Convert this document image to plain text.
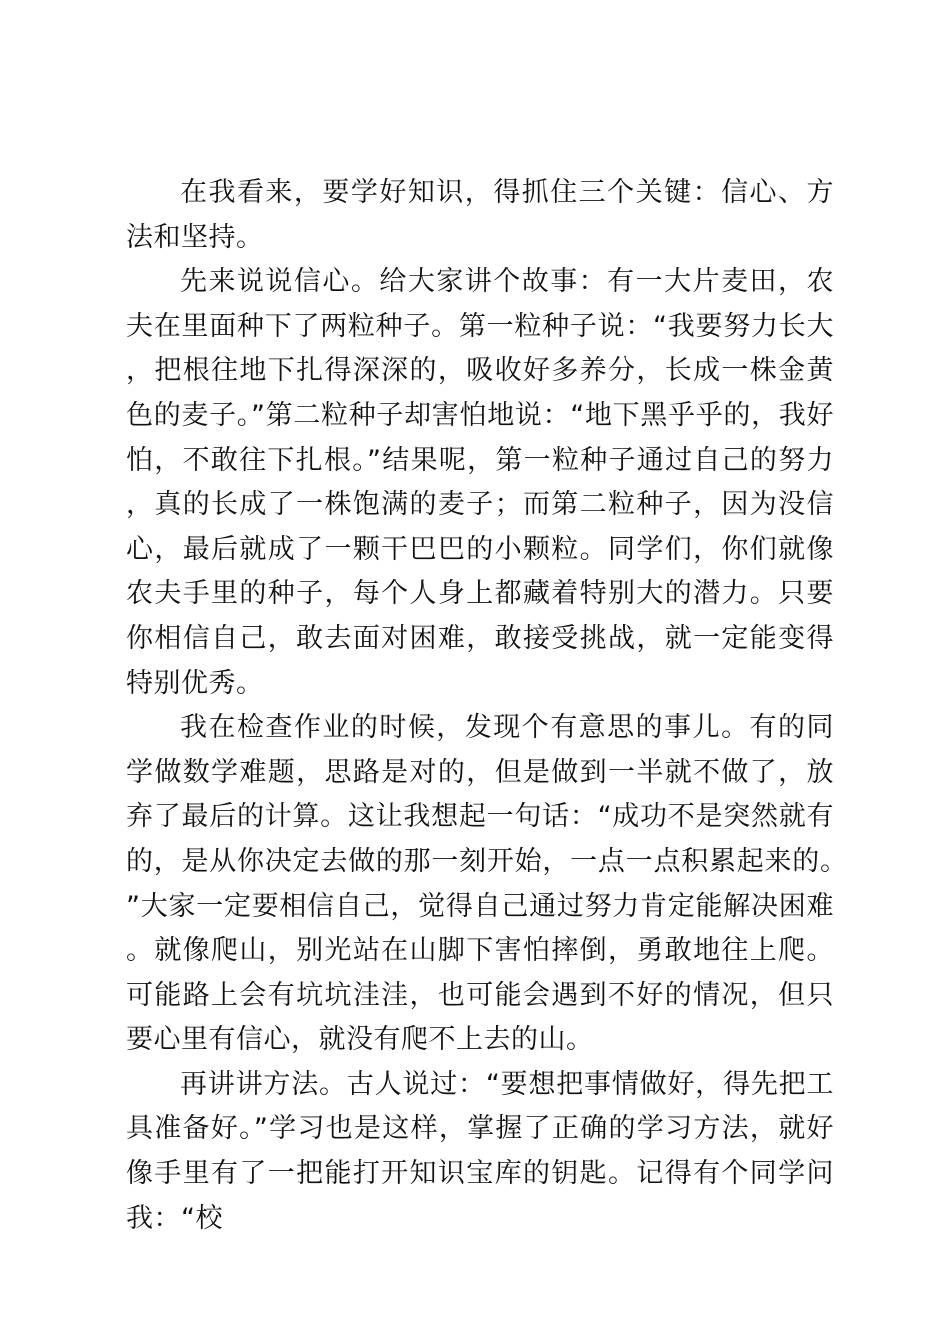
在我看来，要学好知识，得抓住三个关键：信心、方法和坚持。

先来说说信心。给大家讲个故事：有一大片麦田，农夫在里面种下了两粒种子。第一粒种子说：“我要努力长大，把根往地下扎得深深的，吸收好多养分，长成一株金黄色的麦子。”第二粒种子却害怕地说：“地下黑乎乎的，我好怕，不敢往下扎根。”结果呢，第一粒种子通过自己的努力，真的长成了一株饱满的麦子；而第二粒种子，因为没信心，最后就成了一颗干巴巴的小颗粒。同学们，你们就像农夫手里的种子，每个人身上都藏着特别大的潜力。只要你相信自己，敢去面对困难，敢接受挑战，就一定能变得特别优秀。

我在检查作业的时候，发现个有意思的事儿。有的同学做数学难题，思路是对的，但是做到一半就不做了，放弃了最后的计算。这让我想起一句话：“成功不是突然就有的，是从你决定去做的那一刻开始，一点一点积累起来的。”大家一定要相信自己，觉得自己通过努力肯定能解决困难。就像爬山，别光站在山脚下害怕摔倒，勇敢地往上爬。可能路上会有坑坑洼洼，也可能会遇到不好的情况，但只要心里有信心，就没有爬不上去的山。

再讲讲方法。古人说过：“要想把事情做好，得先把工具准备好。”学习也是这样，掌握了正确的学习方法，就好像手里有了一把能打开知识宝库的钥匙。记得有个同学问我：“校
